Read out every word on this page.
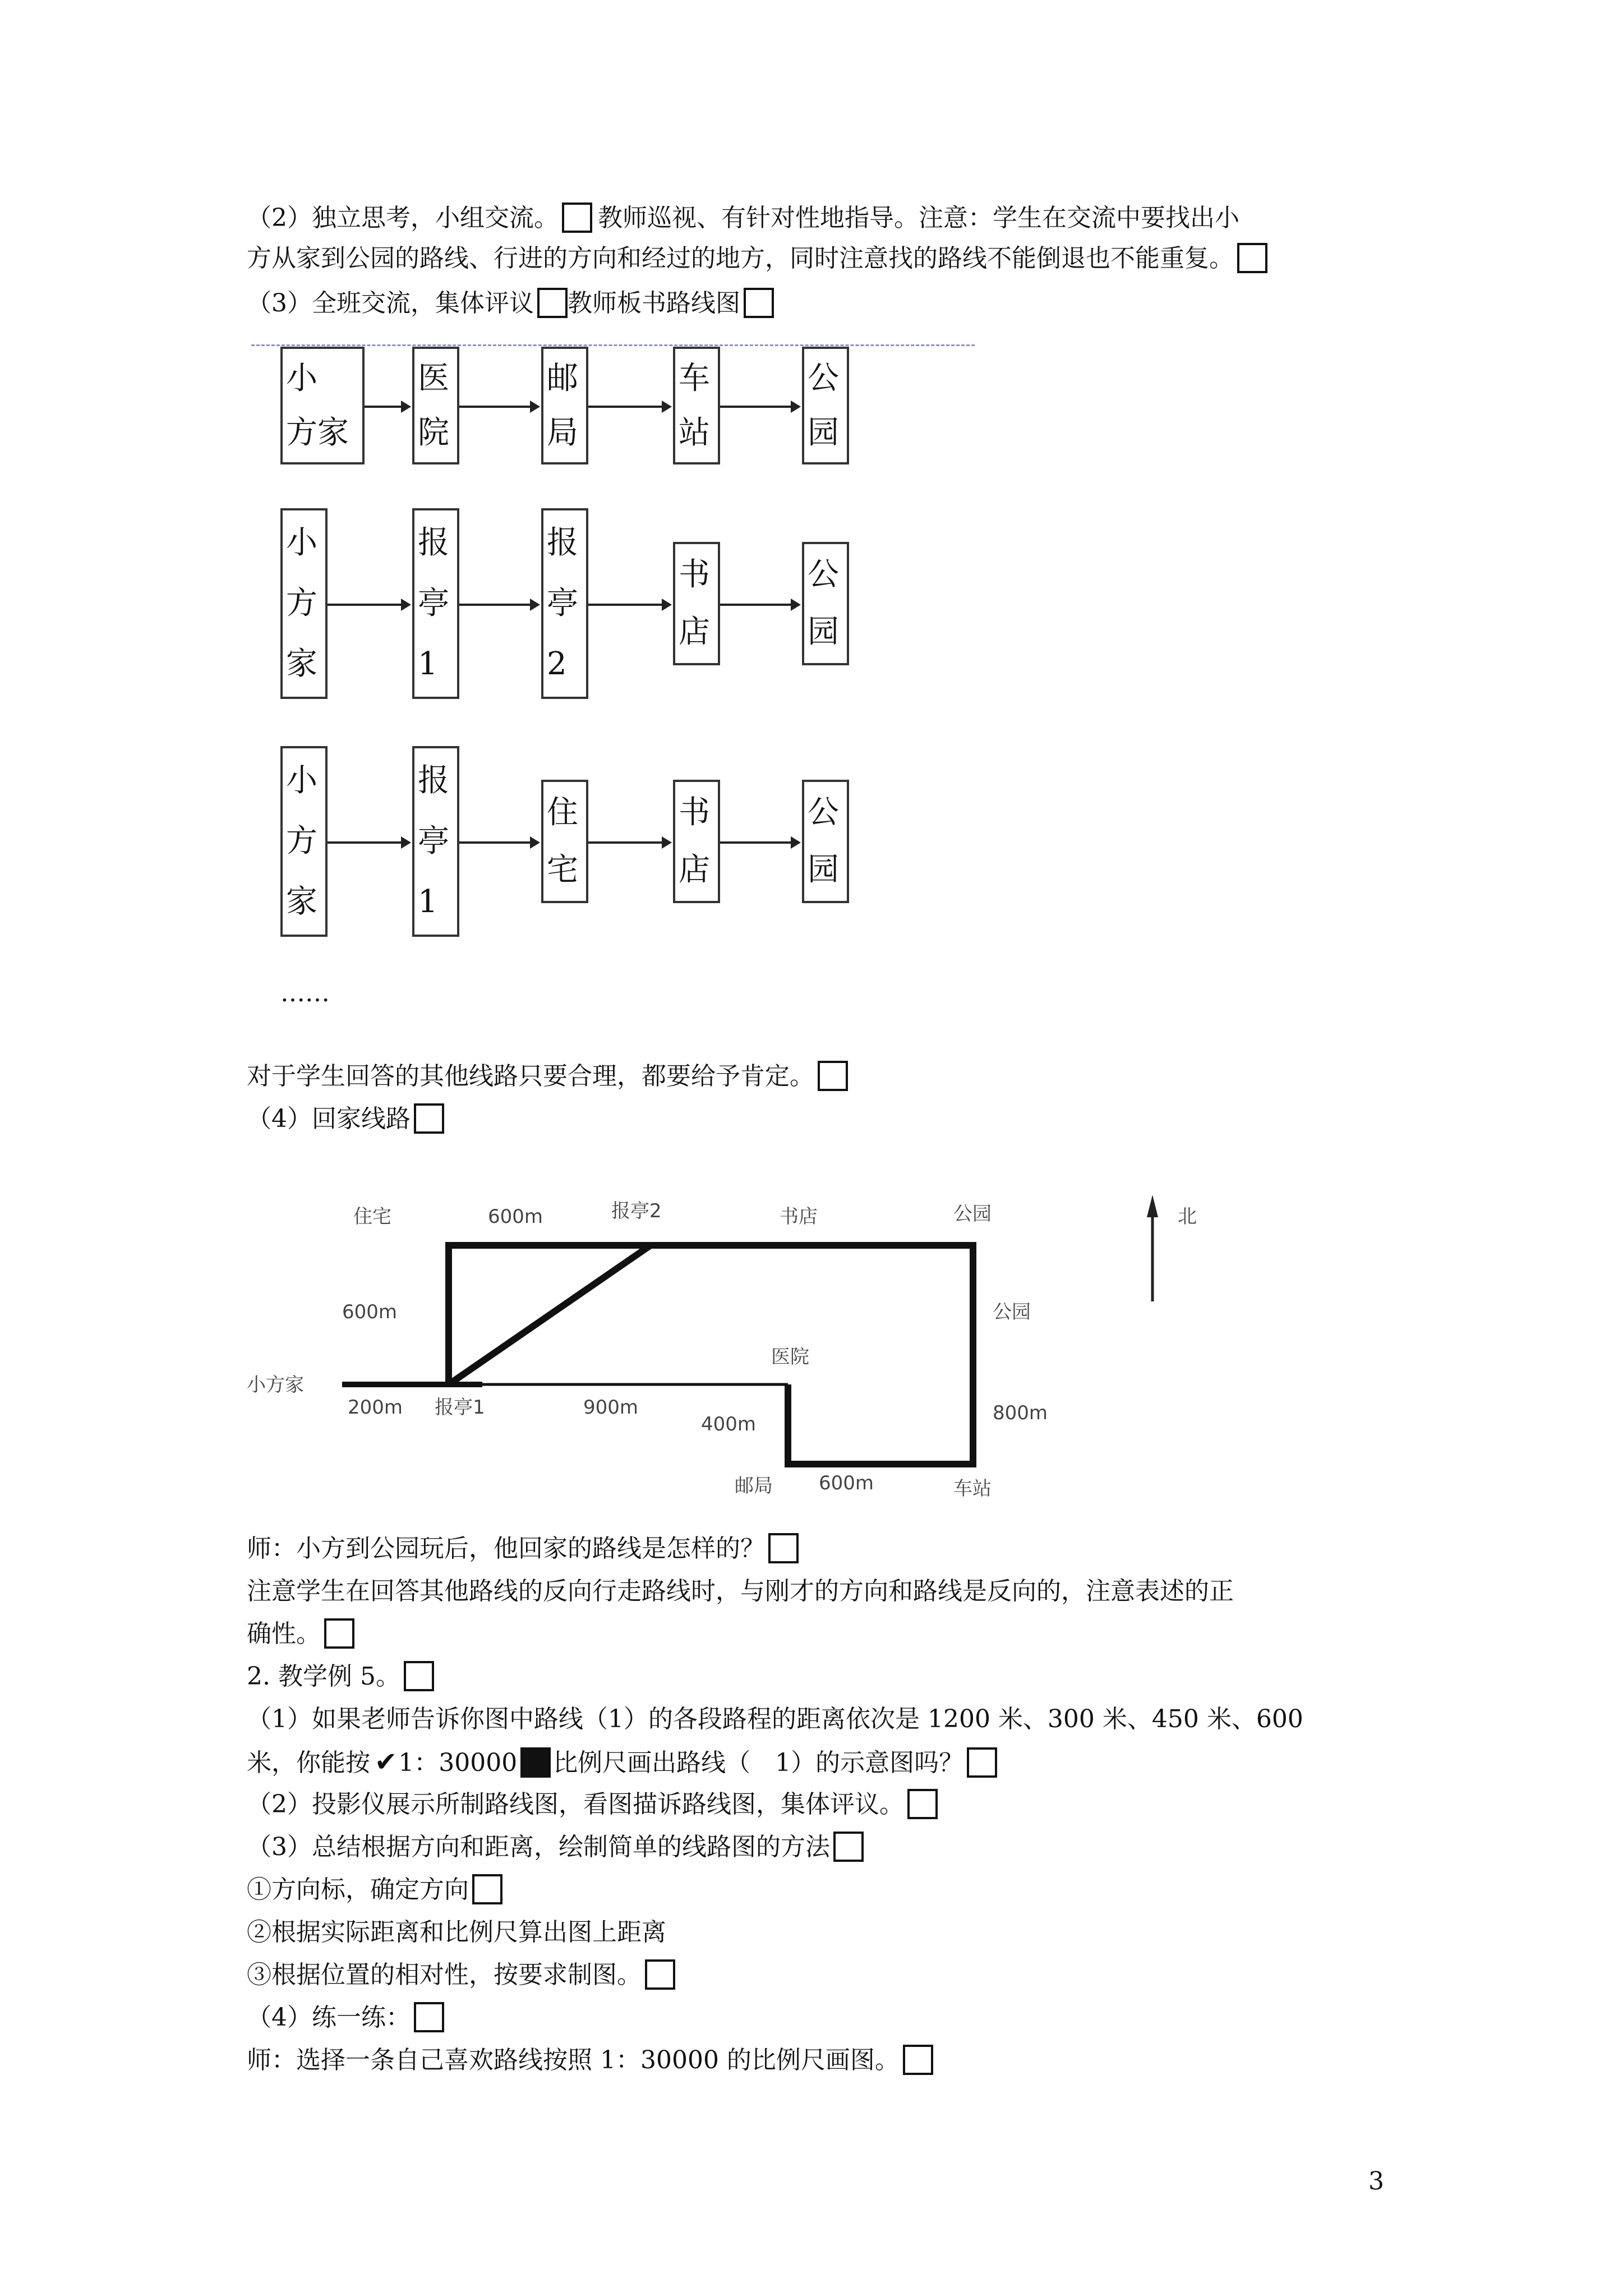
（2）独立思考，小组交流。 教师巡视、有针对性地指导。注意：学生在交流中要找出小
方从家到公园的路线、行进的方向和经过的地方，同时注意找的路线不能倒退也不能重复。
（3）全班交流，集体评议 教师板书路线图
小
方家
医
院
邮
局
车
站
公
园
小
方
家
报
亭
1
报
亭
2
书
店
公
园
小
方
家
报
亭
1
住
宅
书
店
公
园
……
对于学生回答的其他线路只要合理，都要给予肯定。
（4）回家线路
北
住宅	600m	报亭2	书店	公园
600m	公园
小方家
200m 报亭1	900m
医院
400m	800m
邮局 600m	车站
师：小方到公园玩后，他回家的路线是怎样的？
注意学生在回答其他路线的反向行走路线时，与刚才的方向和路线是反向的，注意表述的正
确性。
2. 教学例 5。
（1）如果老师告诉你图中路线（1）的各段路程的距离依次是 1200 米、300 米、450 米、600
米，你能按 ✔1：30000 比例尺画出路线（　1）的示意图吗？
（2）投影仪展示所制路线图，看图描诉路线图，集体评议。
（3）总结根据方向和距离，绘制简单的线路图的方法
①方向标，确定方向
②根据实际距离和比例尺算出图上距离
③根据位置的相对性，按要求制图。
（4）练一练：
师：选择一条自己喜欢路线按照 1：30000 的比例尺画图。
3
